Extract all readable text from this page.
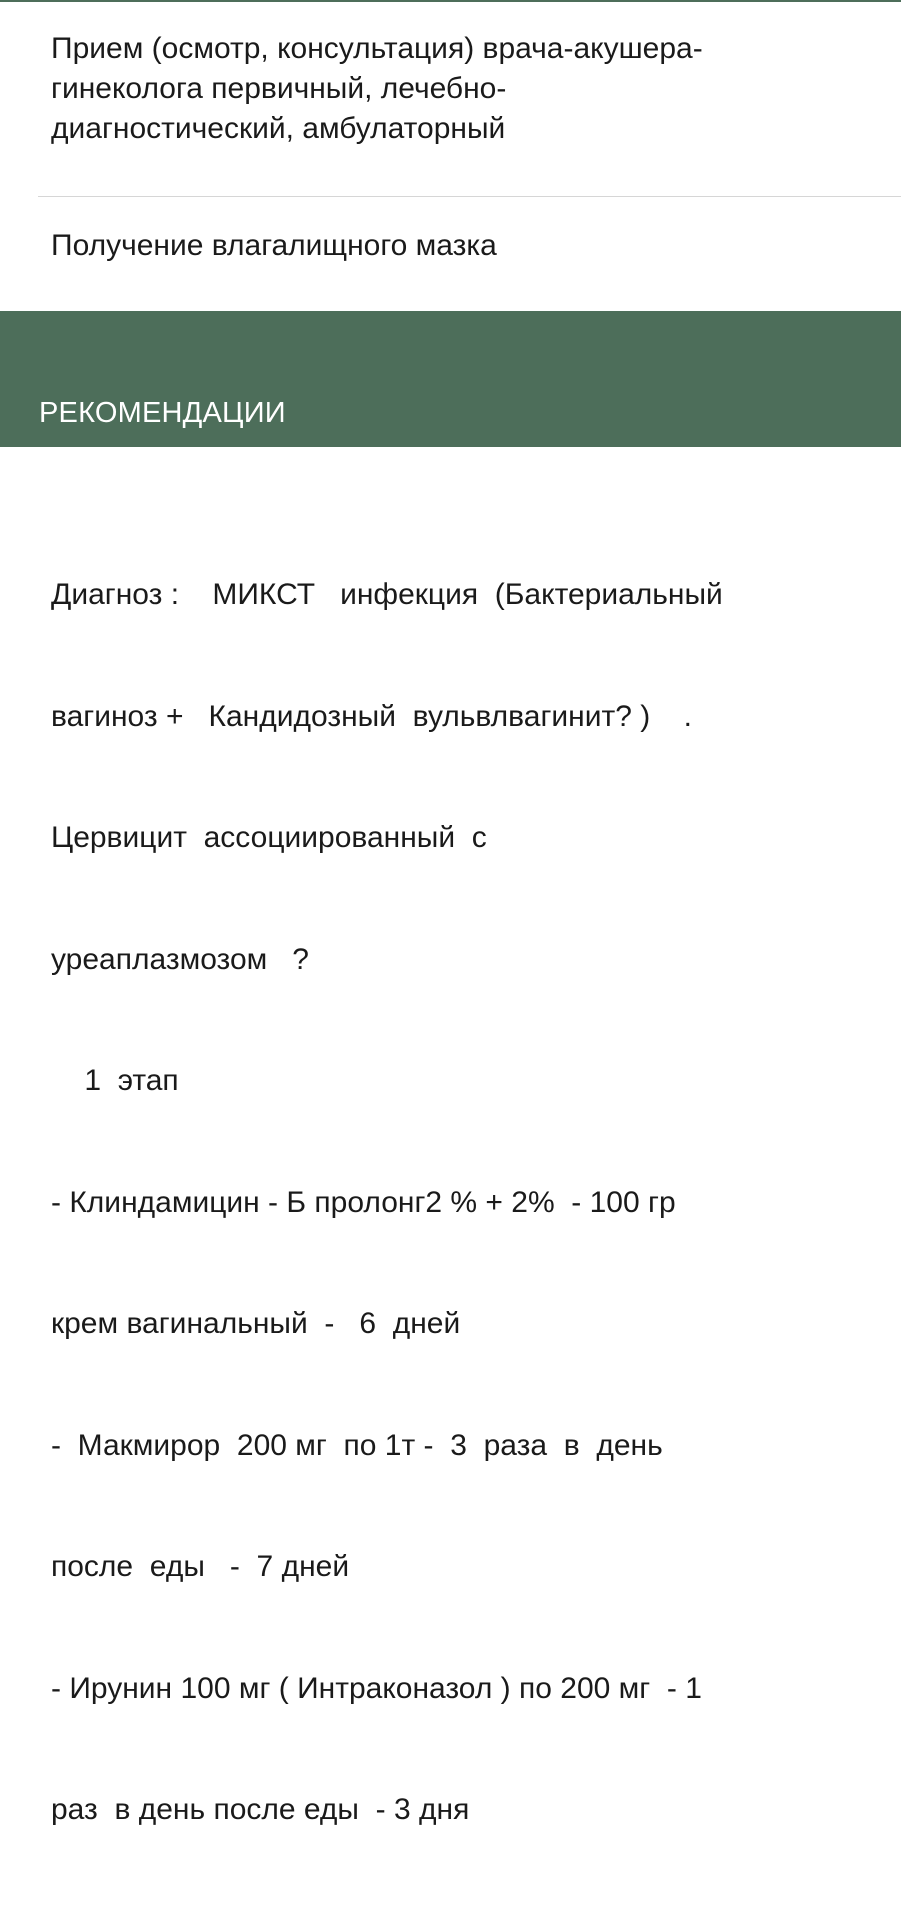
Прием (осмотр, консультация) врача-акушера-
гинеколога первичный, лечебно-
диагностический, амбулаторный
Получение влагалищного мазка
РЕКОМЕНДАЦИИ

Диагноз :    МИКСТ   инфекция  (Бактериальный

вагиноз +   Кандидозный  вульвлвагинит? )    .

Цервицит  ассоциированный  с

уреаплазмозом   ?

1  этап

- Клиндамицин - Б пролонг2 % + 2%  - 100 гр

крем вагинальный  -   6  дней

-  Макмирор  200 мг  по 1т -  3  раза  в  день

после  еды   -  7 дней

- Ирунин 100 мг ( Интраконазол ) по 200 мг  - 1

раз  в день после еды  - 3 дня
